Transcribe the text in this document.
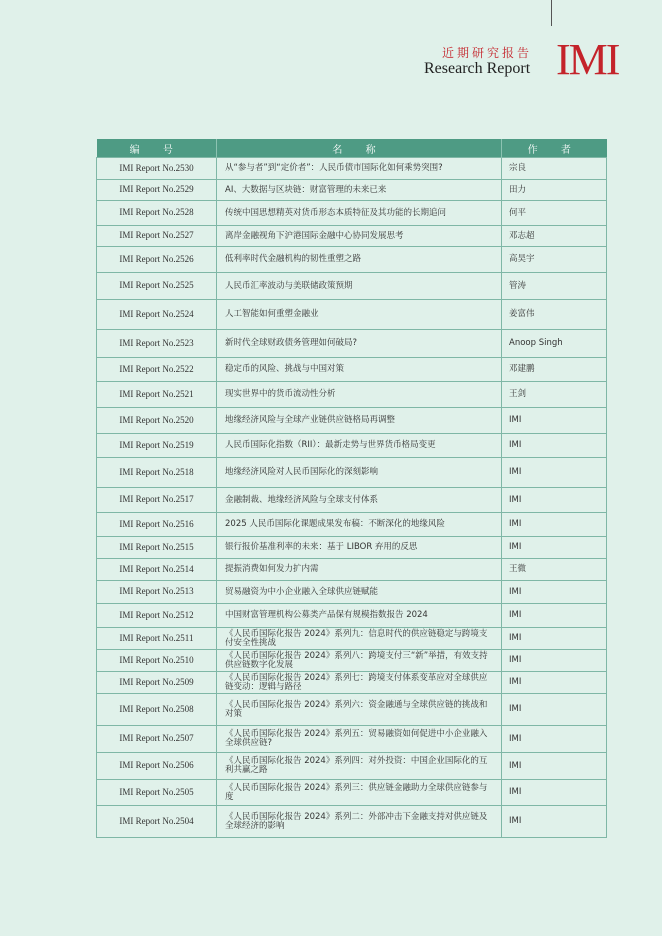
近期研究报告
Research Report IMI
编 号	名 称	作 者
IMI Report No.2530	从“参与者”到“定价者”：人民币债市国际化如何乘势突围?	宗良
IMI Report No.2529	AI、大数据与区块链：财富管理的未来已来	田力
IMI Report No.2528	传统中国思想精英对货币形态本质特征及其功能的长期追问	何平
IMI Report No.2527	离岸金融视角下沪港国际金融中心协同发展思考	邓志超
IMI Report No.2526	低利率时代金融机构的韧性重塑之路	高昊宇
IMI Report No.2525	人民币汇率波动与美联储政策预期	管涛
IMI Report No.2524	人工智能如何重塑金融业	姜富伟
IMI Report No.2523	新时代全球财政债务管理如何破局?	Anoop Singh
IMI Report No.2522	稳定币的风险、挑战与中国对策	邓建鹏
IMI Report No.2521	现实世界中的货币流动性分析	王剑
IMI Report No.2520	地缘经济风险与全球产业链供应链格局再调整	IMI
IMI Report No.2519	人民币国际化指数（RII）：最新走势与世界货币格局变更	IMI
IMI Report No.2518	地缘经济风险对人民币国际化的深刻影响	IMI
IMI Report No.2517	金融制裁、地缘经济风险与全球支付体系	IMI
IMI Report No.2516	2025 人民币国际化课题成果发布稿：不断深化的地缘风险	IMI
IMI Report No.2515	银行报价基准利率的未来：基于 LIBOR 弃用的反思	IMI
IMI Report No.2514	提振消费如何发力扩内需	王微
IMI Report No.2513	贸易融资为中小企业融入全球供应链赋能	IMI
IMI Report No.2512	中国财富管理机构公募类产品保有规模指数报告 2024	IMI
IMI Report No.2511	《人民币国际化报告 2024》系列九：信息时代的供应链稳定与跨境支付安全性挑战	IMI
IMI Report No.2510	《人民币国际化报告 2024》系列八：跨境支付三“新”举措，有效支持供应链数字化发展	IMI
IMI Report No.2509	《人民币国际化报告 2024》系列七：跨境支付体系变革应对全球供应链变动：逻辑与路径	IMI
IMI Report No.2508	《人民币国际化报告 2024》系列六：资金融通与全球供应链的挑战和对策	IMI
IMI Report No.2507	《人民币国际化报告 2024》系列五：贸易融资如何促进中小企业融入全球供应链?	IMI
IMI Report No.2506	《人民币国际化报告 2024》系列四：对外投资：中国企业国际化的互利共赢之路	IMI
IMI Report No.2505	《人民币国际化报告 2024》系列三：供应链金融助力全球供应链参与度	IMI
IMI Report No.2504	《人民币国际化报告 2024》系列二：外部冲击下金融支持对供应链及全球经济的影响	IMI
